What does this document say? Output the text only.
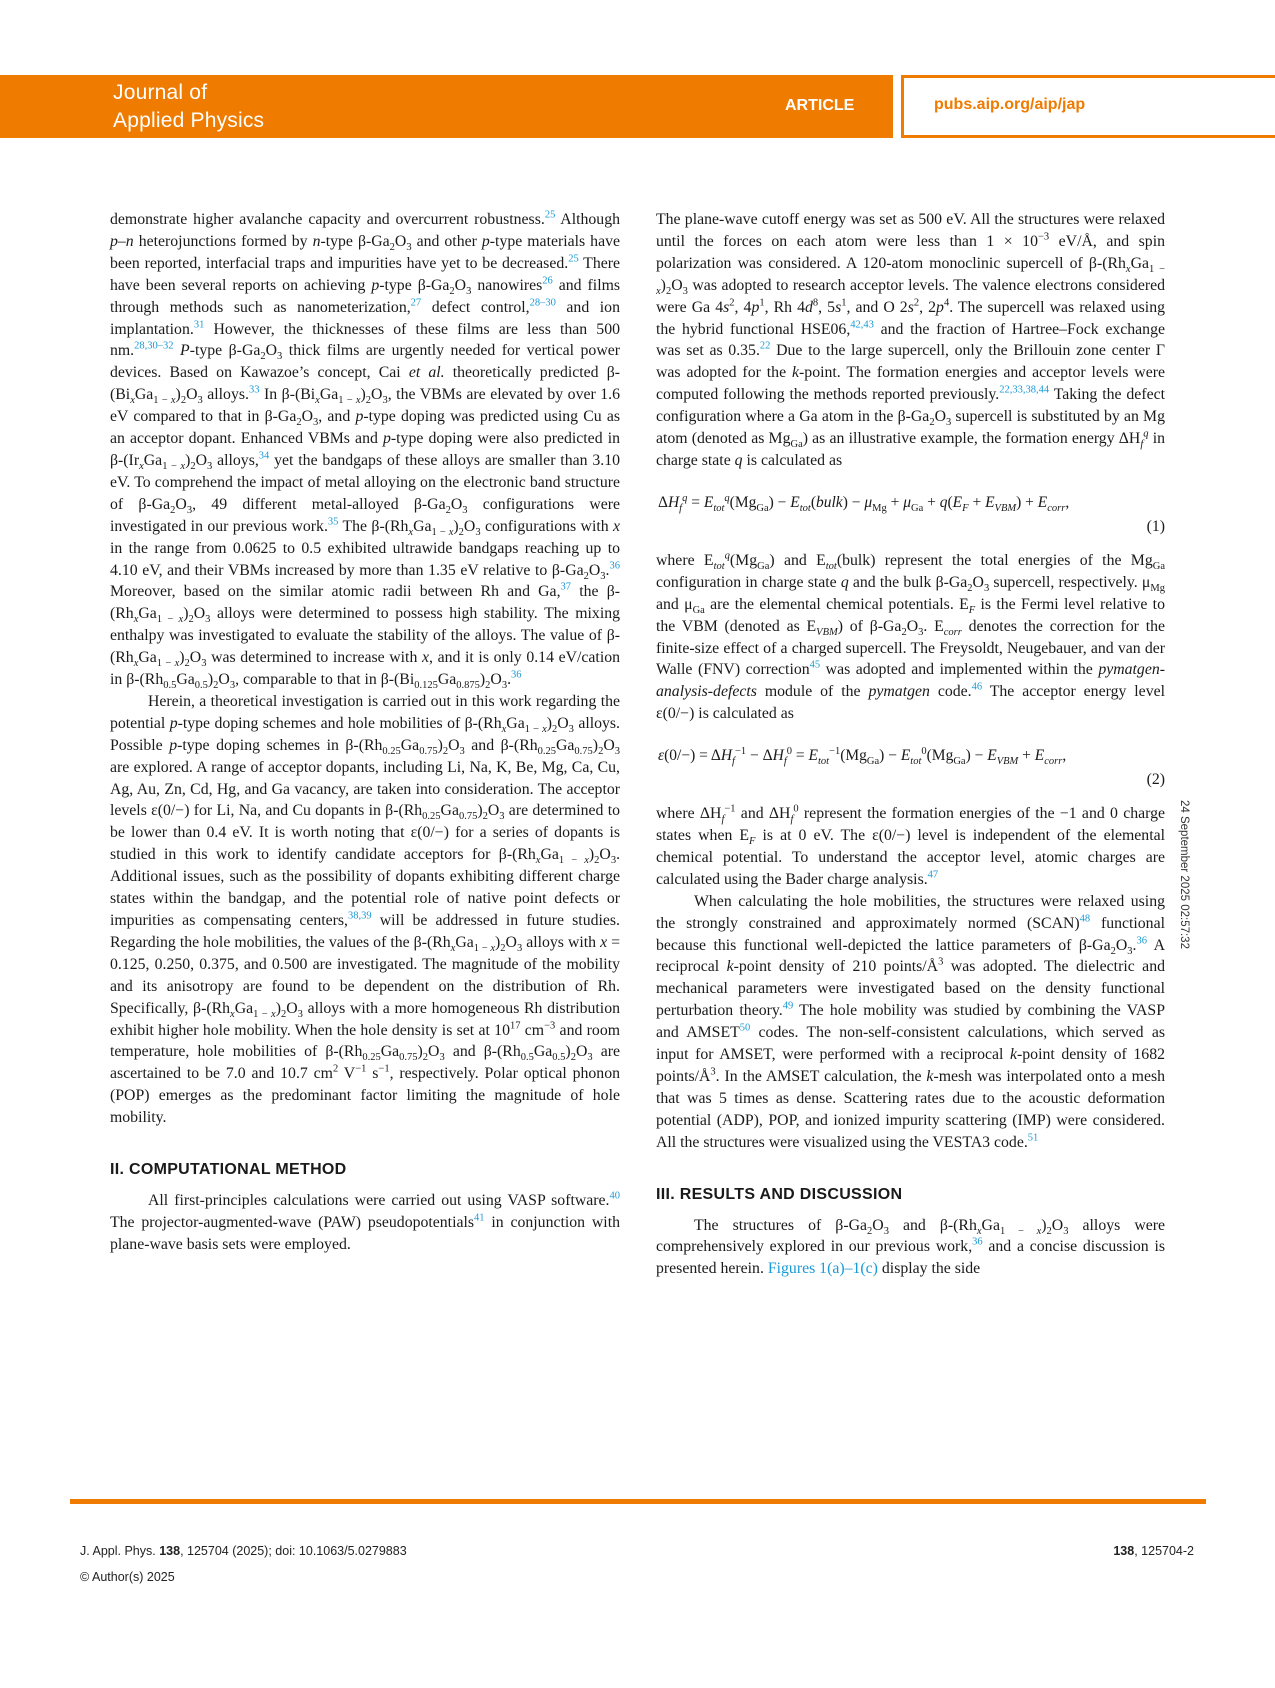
Journal of
Applied Physics
ARTICLE	pubs.aip.org/aip/jap

demonstrate higher avalanche capacity and overcurrent robustness.$^{25}$ Although p–n heterojunctions formed by n-type $\beta-Ga_2O_3$ and other p-type materials have been reported, interfacial traps and impurities have yet to be decreased.$^{25}$ There have been several reports on achieving p-type $\beta-Ga_2O_3$ nanowires$^{26}$ and films through methods such as nanometerization,$^{27}$ defect control,$^{28-30}$ and ion implantation.$^{31}$ However, the thicknesses of these films are less than 500 nm.$^{28,30-32}$ P-type $\beta-Ga_2O_3$ thick films are urgently needed for vertical power devices. Based on Kawazoe’s concept, Cai et al. theoretically predicted $\beta-(Bi_xGa_{1 - x})_2O_3$ alloys.$^{33}$ In $\beta-(Bi_xGa_{1 - x})_2O_3$, the VBMs are elevated by over 1.6 eV compared to that in $\beta-Ga_2O_3$, and p-type doping was predicted using Cu as an acceptor dopant. Enhanced VBMs and p-type doping were also predicted in $\beta-(Ir_xGa_{1 - x})_2O_3$ alloys,$^{34}$ yet the bandgaps of these alloys are smaller than 3.10 eV. To comprehend the impact of metal alloying on the electronic band structure of $\beta-Ga_2O_3$, 49 different metal-alloyed $\beta-Ga_2O_3$ configurations were investigated in our previous work.$^{35}$ The $\beta-(Rh_xGa_{1 - x})_2O_3$ configurations with x in the range from 0.0625 to 0.5 exhibited ultrawide bandgaps reaching up to 4.10 eV, and their VBMs increased by more than 1.35 eV relative to $\beta-Ga_2O_3.^{36}$ Moreover, based on the similar atomic radii between Rh and Ga,$^{37}$ the $\beta-(Rh_xGa_{1 - x})_2O_3$ alloys were determined to possess high stability. The mixing enthalpy was investigated to evaluate the stability of the alloys. The value of $\beta-(Rh_xGa_{1 - x})_2O_3$ was determined to increase with x, and it is only 0.14 eV/cation in $\beta-(Rh_{0.5}Ga_{0.5})_2O_3$, comparable to that in $\beta-(Bi_{0.125}Ga_{0.875})_2O_3.^{36}$

Herein, a theoretical investigation is carried out in this work regarding the potential p-type doping schemes and hole mobilities of $\beta-(Rh_xGa_{1 - x})_2O_3$ alloys. Possible p-type doping schemes in $\beta-(Rh_{0.25}Ga_{0.75})_2O_3$ and $\beta-(Rh_{0.25}Ga_{0.75})_2O_3$ are explored. A range of acceptor dopants, including Li, Na, K, Be, Mg, Ca, Cu, Ag, Au, Zn, Cd, Hg, and Ga vacancy, are taken into consideration. The acceptor levels ε(0/−) for Li, Na, and Cu dopants in $\beta-(Rh_{0.25}Ga_{0.75})_2O_3$ are determined to be lower than 0.4 eV. It is worth noting that ε(0/−) for a series of dopants is studied in this work to identify candidate acceptors for $\beta-(Rh_xGa_{1 - x})_2O_3$. Additional issues, such as the possibility of dopants exhibiting different charge states within the bandgap, and the potential role of native point defects or impurities as compensating centers,$^{38,39}$ will be addressed in future studies. Regarding the hole mobilities, the values of the $\beta-(Rh_xGa_{1 - x})_2O_3$ alloys with x = 0.125, 0.250, 0.375, and 0.500 are investigated. The magnitude of the mobility and its anisotropy are found to be dependent on the distribution of Rh. Specifically, $\beta-(Rh_xGa_{1 - x})_2O_3$ alloys with a more homogeneous Rh distribution exhibit higher hole mobility. When the hole density is set at $10^{17}$ $cm^{-3}$ and room temperature, hole mobilities of $\beta-(Rh_{0.25}Ga_{0.75})_2O_3$ and $\beta-(Rh_{0.5}Ga_{0.5})_2O_3$ are ascertained to be 7.0 and 10.7 $cm^2$ $V^{-1}$ $s^{-1}$, respectively. Polar optical phonon (POP) emerges as the predominant factor limiting the magnitude of hole mobility.

II. COMPUTATIONAL METHOD

All first-principles calculations were carried out using VASP software.$^{40}$ The projector-augmented-wave (PAW) pseudopotentials$^{41}$ in conjunction with plane-wave basis sets were employed.

The plane-wave cutoff energy was set as 500 eV. All the structures were relaxed until the forces on each atom were less than $1 \times 10^{-3}$ eV/Å, and spin polarization was considered. A 120-atom monoclinic supercell of $\beta-(Rh_xGa_{1 - x})_2O_3$ was adopted to research acceptor levels. The valence electrons considered were Ga $4s^2$, $4p^1$, Rh $4d^8$, $5s^1$, and O $2s^2$, $2p^4$. The supercell was relaxed using the hybrid functional HSE06,$^{42,43}$ and the fraction of Hartree–Fock exchange was set as 0.35.22 Due to the large supercell, only the Brillouin zone center Γ was adopted for the k-point. The formation energies and acceptor levels were computed following the methods reported previously.$^{22,33,38,44}$ Taking the defect configuration where a Ga atom in the $\beta-Ga_2O_3$ supercell is substituted by an Mg atom (denoted as $Mg_{Ga}$) as an illustrative example, the formation energy $\Delta H_f^q$ in charge state q is calculated as

$\Delta H_f^q = E_{tot}^q(Mg_{Ga})$ − $E_{tot}(bulk) - \mu_{Mg} + \mu_{Ga} + q(E_F + E_{VBM}) + E_{corr}$,
(1)

where $E_{tot}^q(Mg_{Ga})$ and $E_{tot}(bulk)$ represent the total energies of the $Mg_{Ga}$ configuration in charge state q and the bulk $\beta-Ga_2O_3$ supercell, respectively. $\mu_{Mg}$ and $\mu_{Ga}$ are the elemental chemical potentials. $E_F$ is the Fermi level relative to the VBM (denoted as $E_{VBM}$) of $\beta-Ga_2O_3$. $E_{corr}$ denotes the correction for the finite-size effect of a charged supercell. The Freysoldt, Neugebauer, and van der Walle (FNV) correction$^{45}$ was adopted and implemented within the pymatgen-analysis-defects module of the pymatgen code.$^{46}$ The acceptor energy level ε(0/−) is calculated as

$\varepsilon(0/-) = \Delta H_f^{-1} - \Delta H_f^0 = E_{tot}^{-1}(Mg_{Ga}) - E_{tot}^0(Mg_{Ga}) - E_{VBM} + E_{corr}$,
(2)

where $\Delta H_f^{-1}$ and $\Delta H_f^0$ represent the formation energies of the −1 and 0 charge states when $E_F$ is at 0 eV. The ε(0/−) level is independent of the elemental chemical potential. To understand the acceptor level, atomic charges are calculated using the Bader charge analysis.$^{47}$

When calculating the hole mobilities, the structures were relaxed using the strongly constrained and approximately normed (SCAN)$^{48}$ functional because this functional well-depicted the lattice parameters of $\beta-Ga_2O_3.^{36}$ A reciprocal k-point density of 210 points/$Å^3$ was adopted. The dielectric and mechanical parameters were investigated based on the density functional perturbation theory.$^{49}$ The hole mobility was studied by combining the VASP and AMSET$^{50}$ codes. The non-self-consistent calculations, which served as input for AMSET, were performed with a reciprocal k-point density of 1682 points/$Å^3$. In the AMSET calculation, the k-mesh was interpolated onto a mesh that was 5 times as dense. Scattering rates due to the acoustic deformation potential (ADP), POP, and ionized impurity scattering (IMP) were considered. All the structures were visualized using the VESTA3 code.$^{51}$

III. RESULTS AND DISCUSSION

The structures of $\beta-Ga_2O_3$ and $\beta-(Rh_xGa_{1 - x})_2O_3$ alloys were comprehensively explored in our previous work,$^{36}$ and a concise discussion is presented herein. Figures 1(a)–1(c) display the side

24 September 2025 02:57:32
J. Appl. Phys. 138, 125704 (2025); doi: 10.1063/5.0279883
© Author(s) 2025
138, 125704-2
